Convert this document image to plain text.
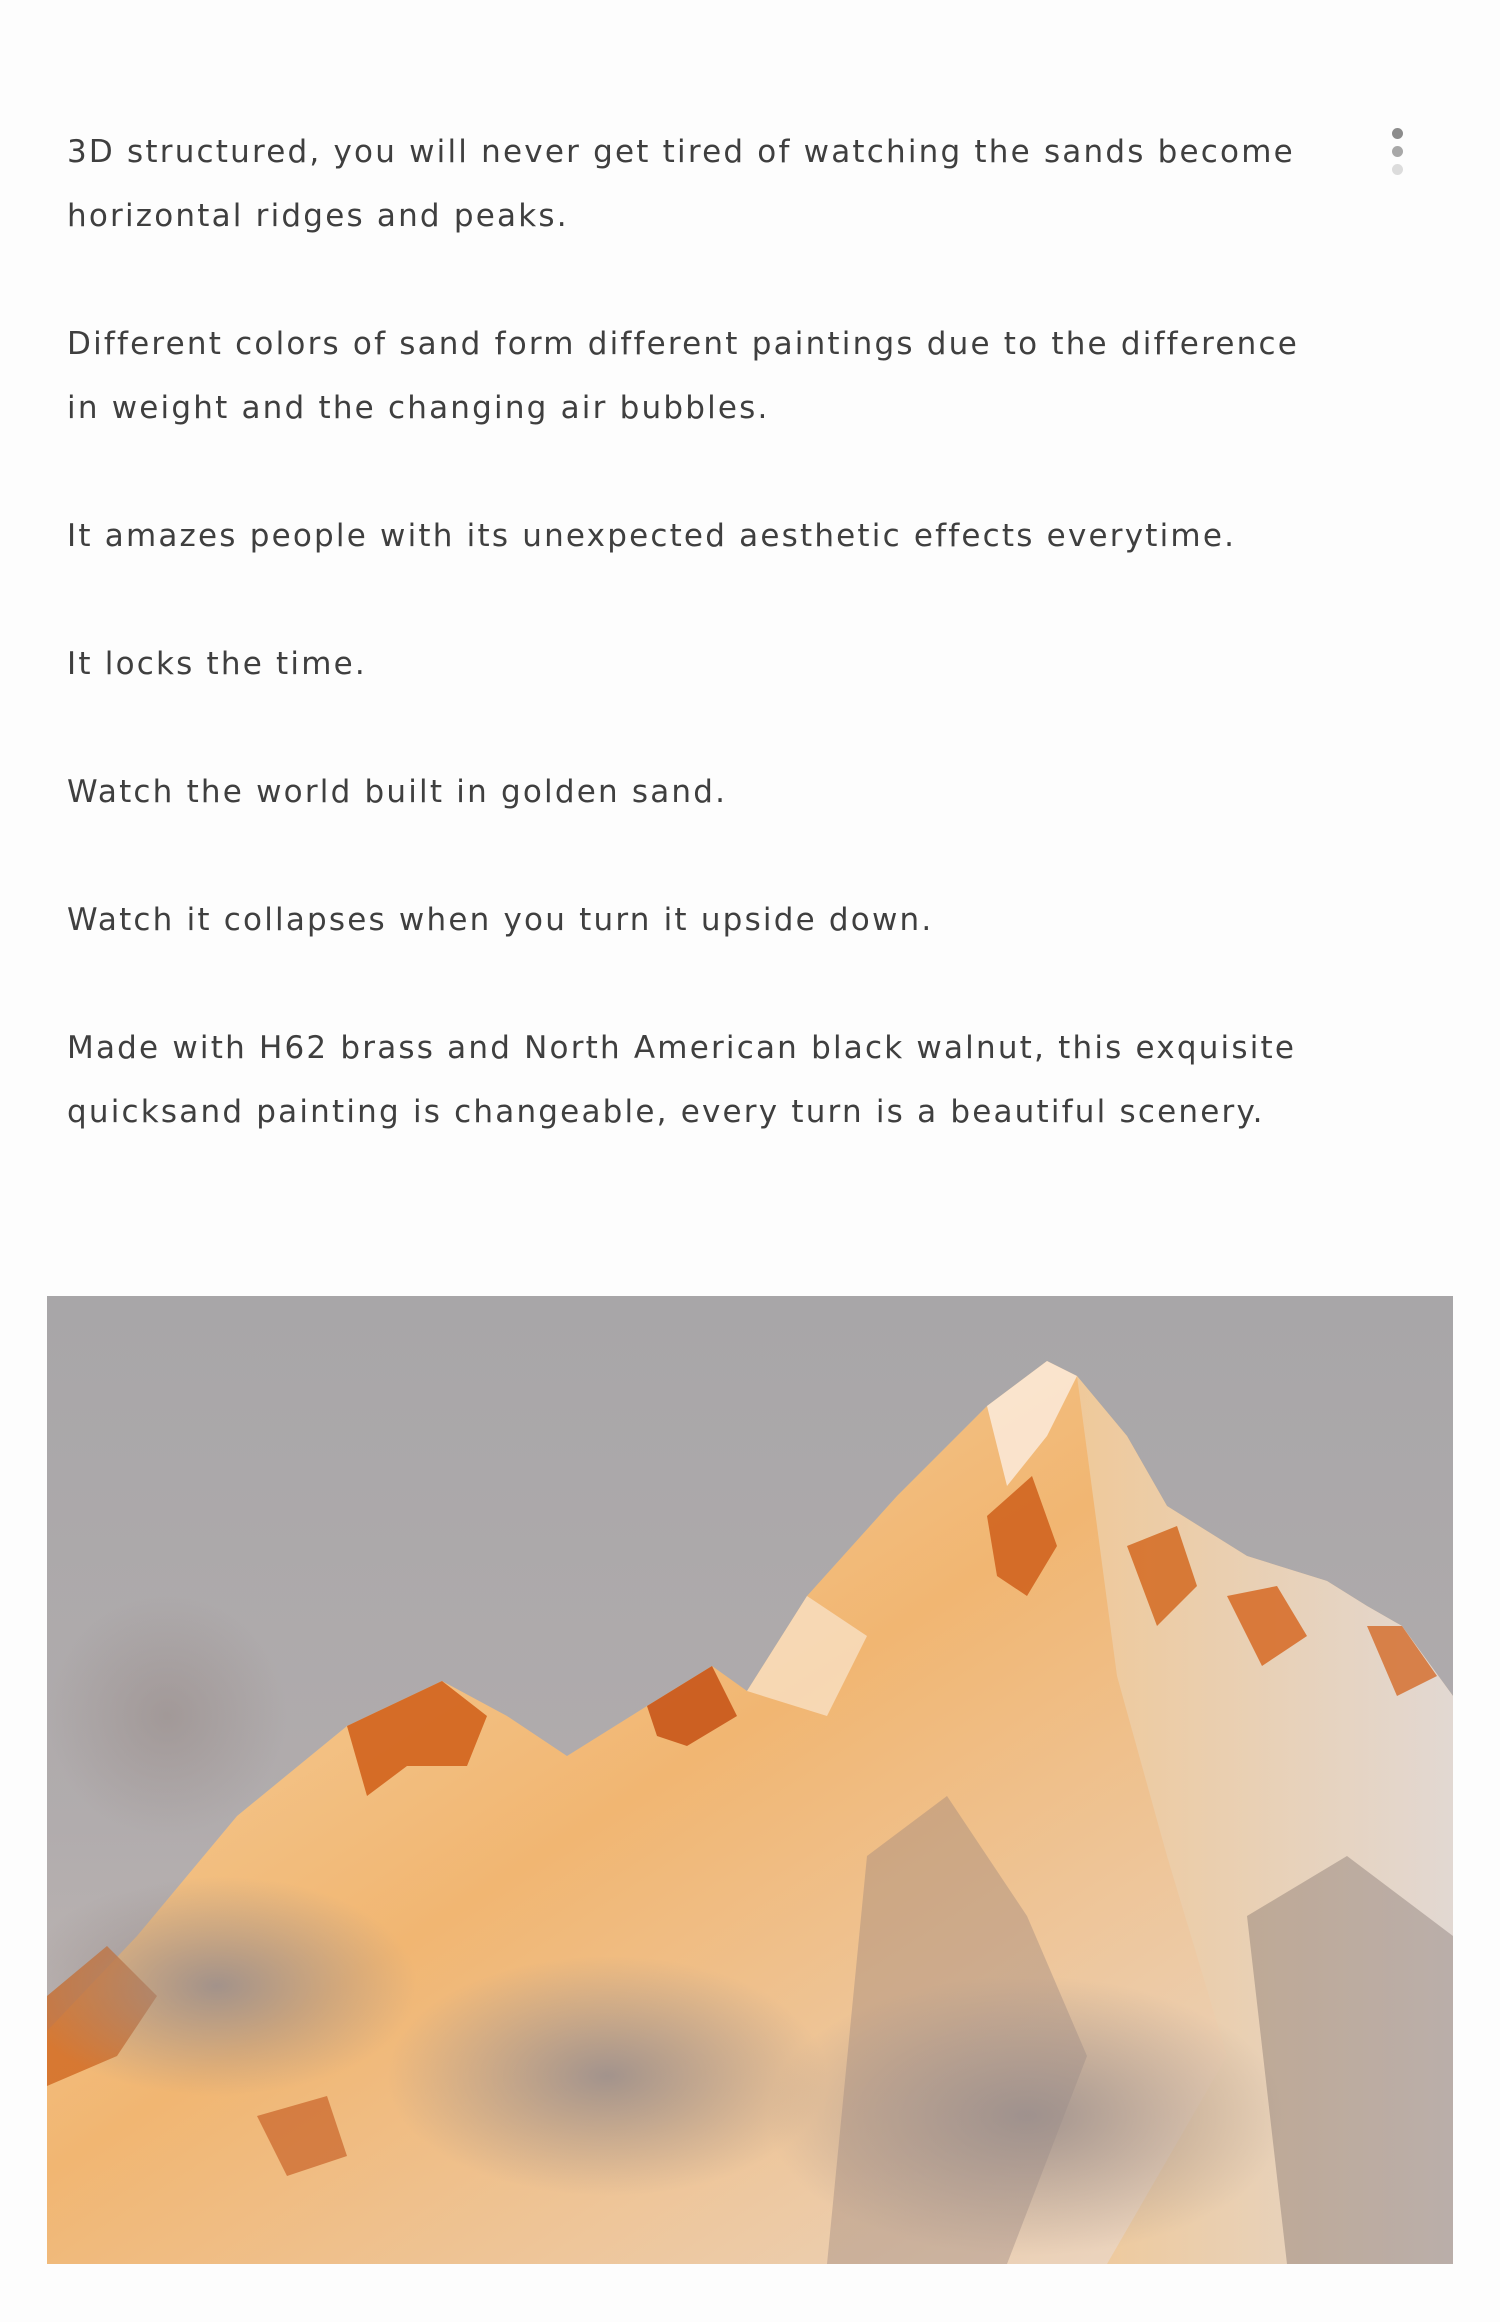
3D structured, you will never get tired of watching the sands become
horizontal ridges and peaks.

Different colors of sand form different paintings due to the difference
in weight and the changing air bubbles.

It amazes people with its unexpected aesthetic effects everytime.

It locks the time.

Watch the world built in golden sand.

Watch it collapses when you turn it upside down.

Made with H62 brass and North American black walnut, this exquisite
quicksand painting is changeable, every turn is a beautiful scenery.
